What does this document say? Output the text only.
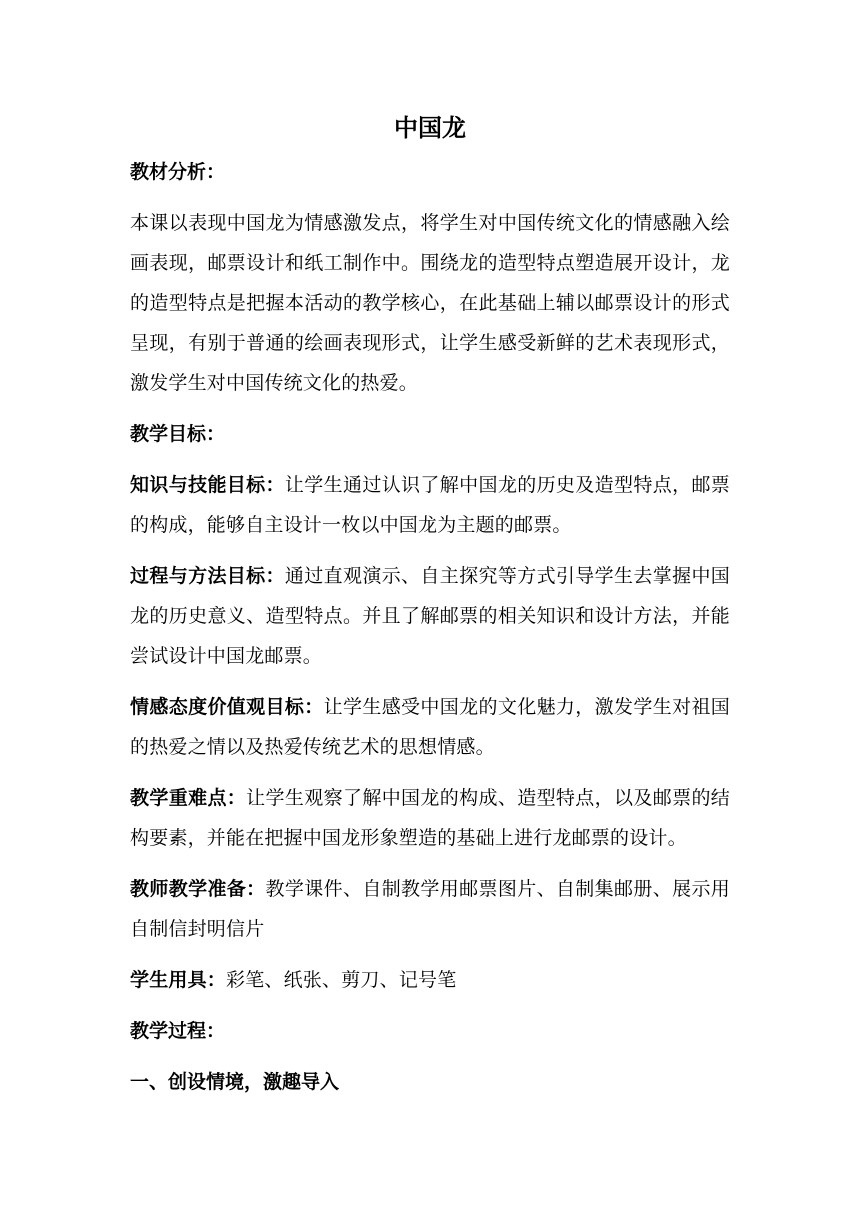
中国龙
教材分析：
本课以表现中国龙为情感激发点，将学生对中国传统文化的情感融入绘画表现，邮票设计和纸工制作中。围绕龙的造型特点塑造展开设计，龙的造型特点是把握本活动的教学核心，在此基础上辅以邮票设计的形式呈现，有别于普通的绘画表现形式，让学生感受新鲜的艺术表现形式，激发学生对中国传统文化的热爱。
教学目标：
知识与技能目标：让学生通过认识了解中国龙的历史及造型特点，邮票的构成，能够自主设计一枚以中国龙为主题的邮票。
过程与方法目标：通过直观演示、自主探究等方式引导学生去掌握中国龙的历史意义、造型特点。并且了解邮票的相关知识和设计方法，并能尝试设计中国龙邮票。
情感态度价值观目标：让学生感受中国龙的文化魅力，激发学生对祖国的热爱之情以及热爱传统艺术的思想情感。
教学重难点：让学生观察了解中国龙的构成、造型特点，以及邮票的结构要素，并能在把握中国龙形象塑造的基础上进行龙邮票的设计。
教师教学准备：教学课件、自制教学用邮票图片、自制集邮册、展示用自制信封明信片
学生用具：彩笔、纸张、剪刀、记号笔
教学过程：
一、创设情境，激趣导入
